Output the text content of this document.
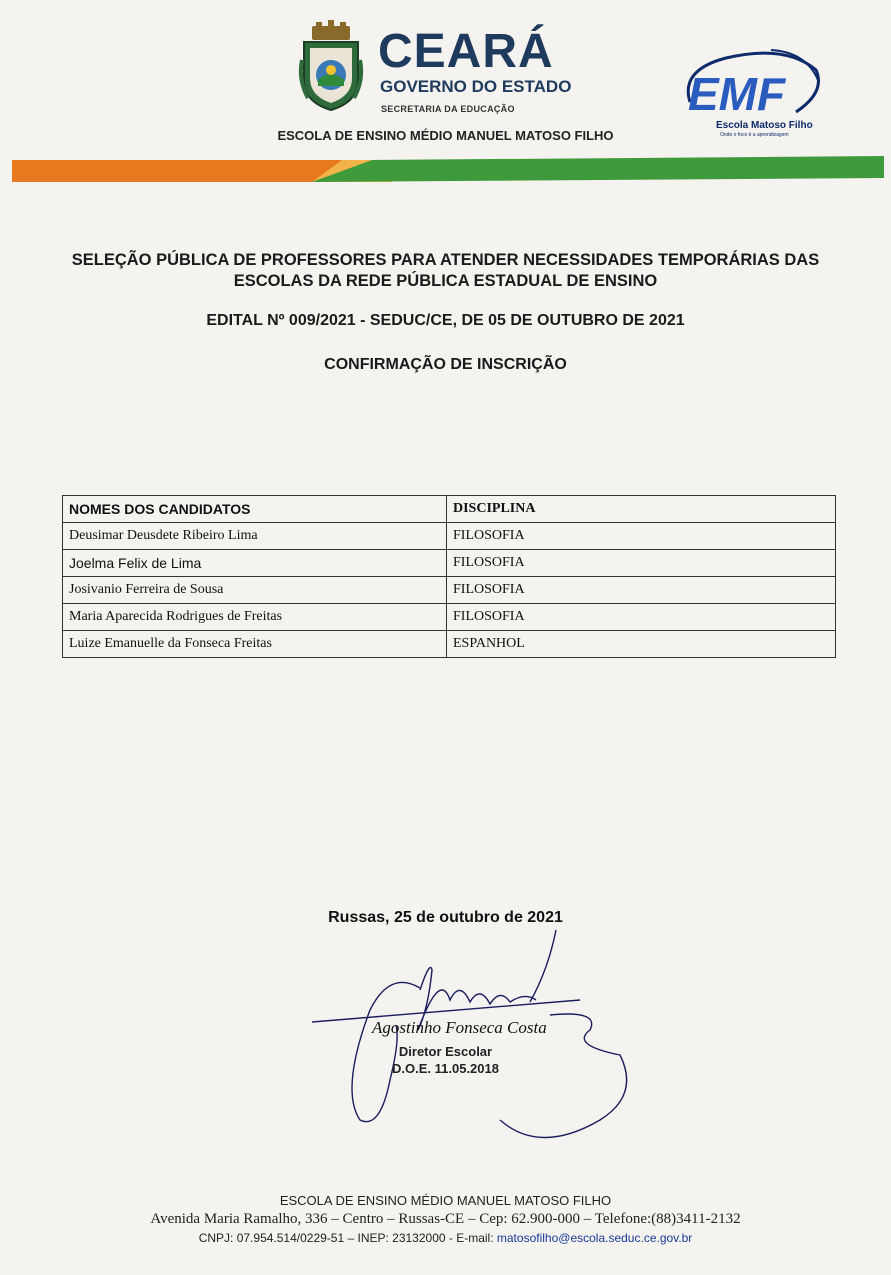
CEARÁ
GOVERNO DO ESTADO
SECRETARIA DA EDUCAÇÃO
ESCOLA DE ENSINO MÉDIO MANUEL MATOSO FILHO
EMF
Escola Matoso Filho
Onde o foco é a aprendizagem
SELEÇÃO PÚBLICA DE PROFESSORES PARA ATENDER NECESSIDADES TEMPORÁRIAS DAS
ESCOLAS DA REDE PÚBLICA ESTADUAL DE ENSINO
EDITAL Nº 009/2021 - SEDUC/CE, DE 05 DE OUTUBRO DE 2021
CONFIRMAÇÃO DE INSCRIÇÃO
NOMES DOS CANDIDATOS	DISCIPLINA
Deusimar Deusdete Ribeiro Lima	FILOSOFIA
Joelma Felix de Lima	FILOSOFIA
Josivanio Ferreira de Sousa	FILOSOFIA
Maria Aparecida Rodrigues de Freitas	FILOSOFIA
Luize Emanuelle da Fonseca Freitas	ESPANHOL
Russas, 25 de outubro de 2021
Agostinho Fonseca Costa
Diretor Escolar
D.O.E. 11.05.2018
ESCOLA DE ENSINO MÉDIO MANUEL MATOSO FILHO
Avenida Maria Ramalho, 336 – Centro – Russas-CE – Cep: 62.900-000 – Telefone:(88)3411-2132
CNPJ: 07.954.514/0229-51 – INEP: 23132000 - E-mail: matosofilho@escola.seduc.ce.gov.br
